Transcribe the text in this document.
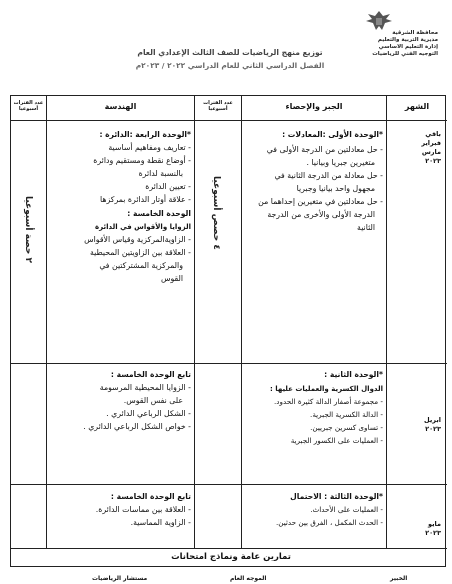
محافظة الشرقية
مديرية التربية والتعليم
إدارة التعليم الأساسي
التوجيه الفني للرياضيات
توزيع منهج الرياضيات للصف الثالث الإعدادي العام
الفصل الدراسي الثاني للعام الدراسي ٢٠٢٢ / ٢٠٢٣م
الشهر
الجبر والإحصاء
عدد الفترات أسبوعيا
الهندسة
عدد الفترات أسبوعيا
باقي
فبراير
مارس
٢٠٢٣
ابريل
٢٠٢٣
مايو
٢٠٢٣
٤ حصص أسبوعيا
٢ حصة أسبوعيا
*الوحدة الأولى :المعادلات :
- حل معادلتين من الدرجة الأولى في
متغيرين جبريا وبيانيا .
- حل معادلة من الدرجة الثانية في
مجهول واحد بيانيا وجبريا
- حل معادلتين في متغيرين إحداهما من
الدرجة الأولى والأخرى من الدرجة
الثانية
*الوحدة الثانية :
الدوال الكسرية والعمليات عليها :
- مجموعة أصفار الدالة كثيرة الحدود.
- الدالة الكسرية الجبرية.
- تساوى كسرين جبريين.
- العمليات على الكسور الجبرية
*الوحدة الثالثة : الاحتمال
- العمليات على الأحداث.
- الحدث المكمل ، الفرق بين حدثين.
*الوحدة الرابعة :الدائرة :
- تعاريف ومفاهيم أساسية
- أوضاع نقطة ومستقيم ودائرة
بالنسبة لدائرة
- تعيين الدائرة
- علاقة أوتار الدائرة بمركزها
الوحدة الخامسة :
الزوايا والأقواس في الدائرة
- الزاويةالمركزية وقياس الأقواس
- العلاقة بين الزاويتين المحيطية
والمركزية المشتركتين في
القوس
تابع الوحدة الخامسة :
- الزوايا المحيطية المرسومة
على نفس القوس.
- الشكل الرباعي الدائري .
- خواص الشكل الرباعي الدائري .
تابع الوحدة الخامسة :
- العلاقة بين مماسات الدائرة.
- الزاوية المماسية.
تمارين عامة ونماذج امتحانات
الخبير
الموجه العام
مستشار الرياضيات
